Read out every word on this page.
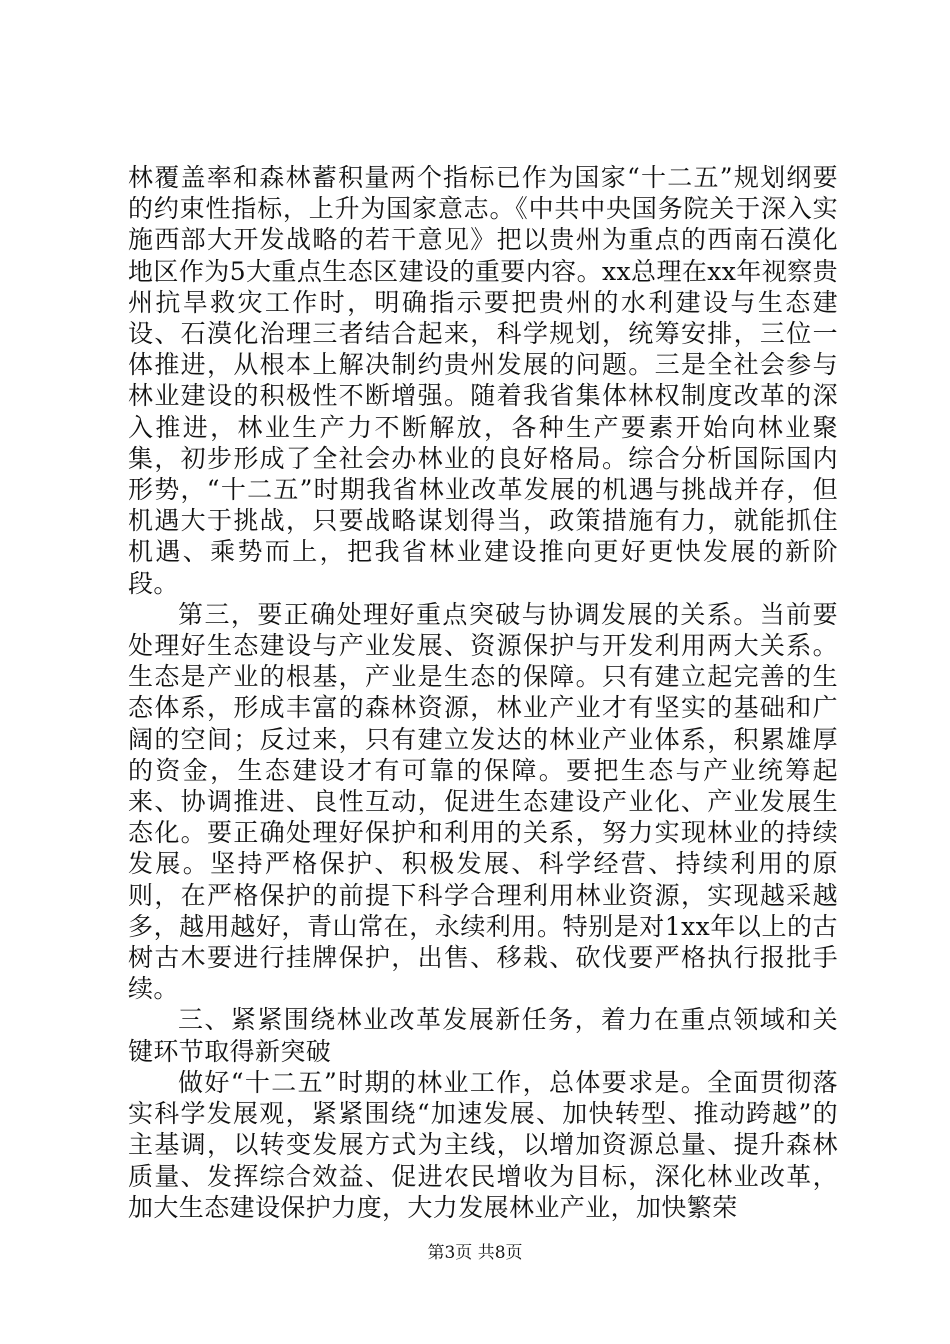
林覆盖率和森林蓄积量两个指标已作为国家“十二五”规划纲要的约束性指标，上升为国家意志。《中共中央国务院关于深入实施西部大开发战略的若干意见》把以贵州为重点的西南石漠化地区作为5大重点生态区建设的重要内容。xx总理在xx年视察贵州抗旱救灾工作时，明确指示要把贵州的水利建设与生态建设、石漠化治理三者结合起来，科学规划，统筹安排，三位一体推进，从根本上解决制约贵州发展的问题。三是全社会参与林业建设的积极性不断增强。随着我省集体林权制度改革的深入推进，林业生产力不断解放，各种生产要素开始向林业聚集，初步形成了全社会办林业的良好格局。综合分析国际国内形势，“十二五”时期我省林业改革发展的机遇与挑战并存，但机遇大于挑战，只要战略谋划得当，政策措施有力，就能抓住机遇、乘势而上，把我省林业建设推向更好更快发展的新阶段。

第三，要正确处理好重点突破与协调发展的关系。当前要处理好生态建设与产业发展、资源保护与开发利用两大关系。生态是产业的根基，产业是生态的保障。只有建立起完善的生态体系，形成丰富的森林资源，林业产业才有坚实的基础和广阔的空间；反过来，只有建立发达的林业产业体系，积累雄厚的资金，生态建设才有可靠的保障。要把生态与产业统筹起来、协调推进、良性互动，促进生态建设产业化、产业发展生态化。要正确处理好保护和利用的关系，努力实现林业的持续发展。坚持严格保护、积极发展、科学经营、持续利用的原则，在严格保护的前提下科学合理利用林业资源，实现越采越多，越用越好，青山常在，永续利用。特别是对1xx年以上的古树古木要进行挂牌保护，出售、移栽、砍伐要严格执行报批手续。

三、紧紧围绕林业改革发展新任务，着力在重点领域和关键环节取得新突破

做好“十二五”时期的林业工作，总体要求是。全面贯彻落实科学发展观，紧紧围绕“加速发展、加快转型、推动跨越”的主基调，以转变发展方式为主线，以增加资源总量、提升森林质量、发挥综合效益、促进农民增收为目标，深化林业改革，加大生态建设保护力度，大力发展林业产业，加快繁荣

第3页 共8页
